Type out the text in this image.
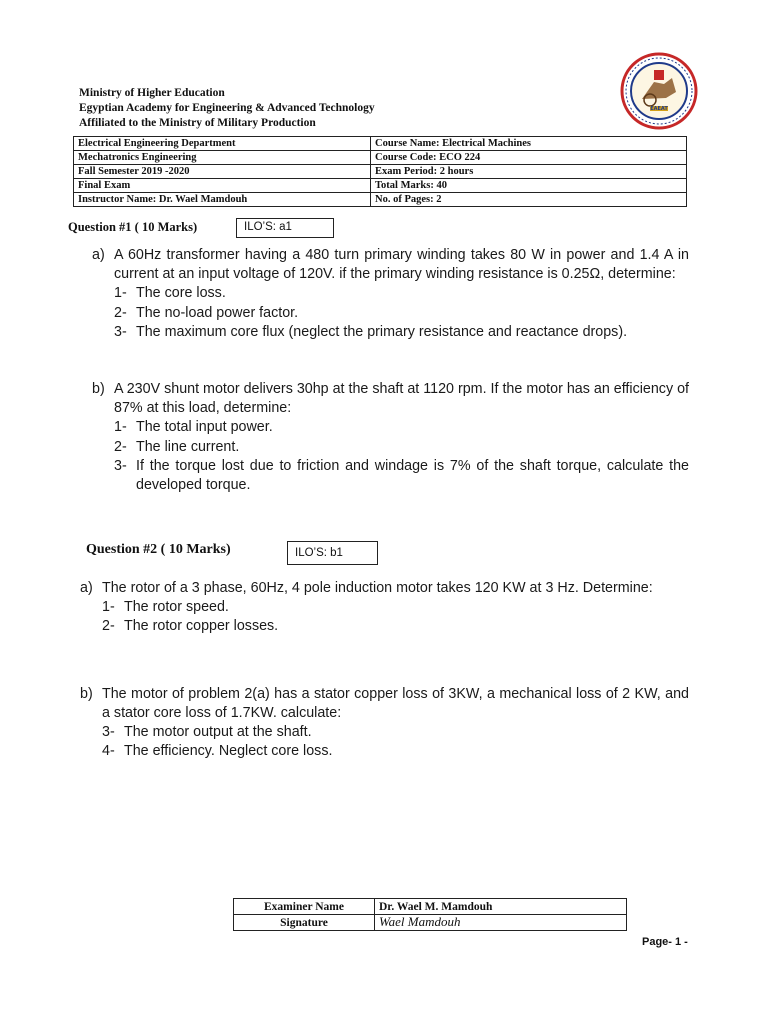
Ministry of Higher Education
Egyptian Academy for Engineering & Advanced Technology
Affiliated to the Ministry of Military Production
EAEAT
Electrical Engineering Department	Course Name: Electrical Machines
Mechatronics Engineering	Course Code: ECO 224
Fall Semester 2019 -2020	Exam Period: 2 hours
Final Exam	Total Marks: 40
Instructor Name: Dr. Wael Mamdouh	No. of Pages: 2
Question #1 ( 10 Marks)	ILO’S: a1
a) A 60Hz transformer having a 480 turn primary winding takes 80 W in power and 1.4 A in current at an input voltage of 120V. if the primary winding resistance is 0.25Ω, determine:

1- The core loss.
2- The no-load power factor.
3- The maximum core flux (neglect the primary resistance and reactance drops).
b) A 230V shunt motor delivers 30hp at the shaft at 1120 rpm. If the motor has an efficiency of 87% at this load, determine:

1- The total input power.
2- The line current.
3- If the torque lost due to friction and windage is 7% of the shaft torque, calculate the developed torque.
Question #2 ( 10 Marks)	ILO’S: b1
a) The rotor of a 3 phase, 60Hz, 4 pole induction motor takes 120 KW at 3 Hz. Determine:

1- The rotor speed.
2- The rotor copper losses.
b) The motor of problem 2(a) has a stator copper loss of 3KW, a mechanical loss of 2 KW, and a stator core loss of 1.7KW. calculate:

3- The motor output at the shaft.
4- The efficiency. Neglect core loss.
Examiner Name	Dr. Wael M. Mamdouh
Signature	Wael Mamdouh
Page- 1 -
